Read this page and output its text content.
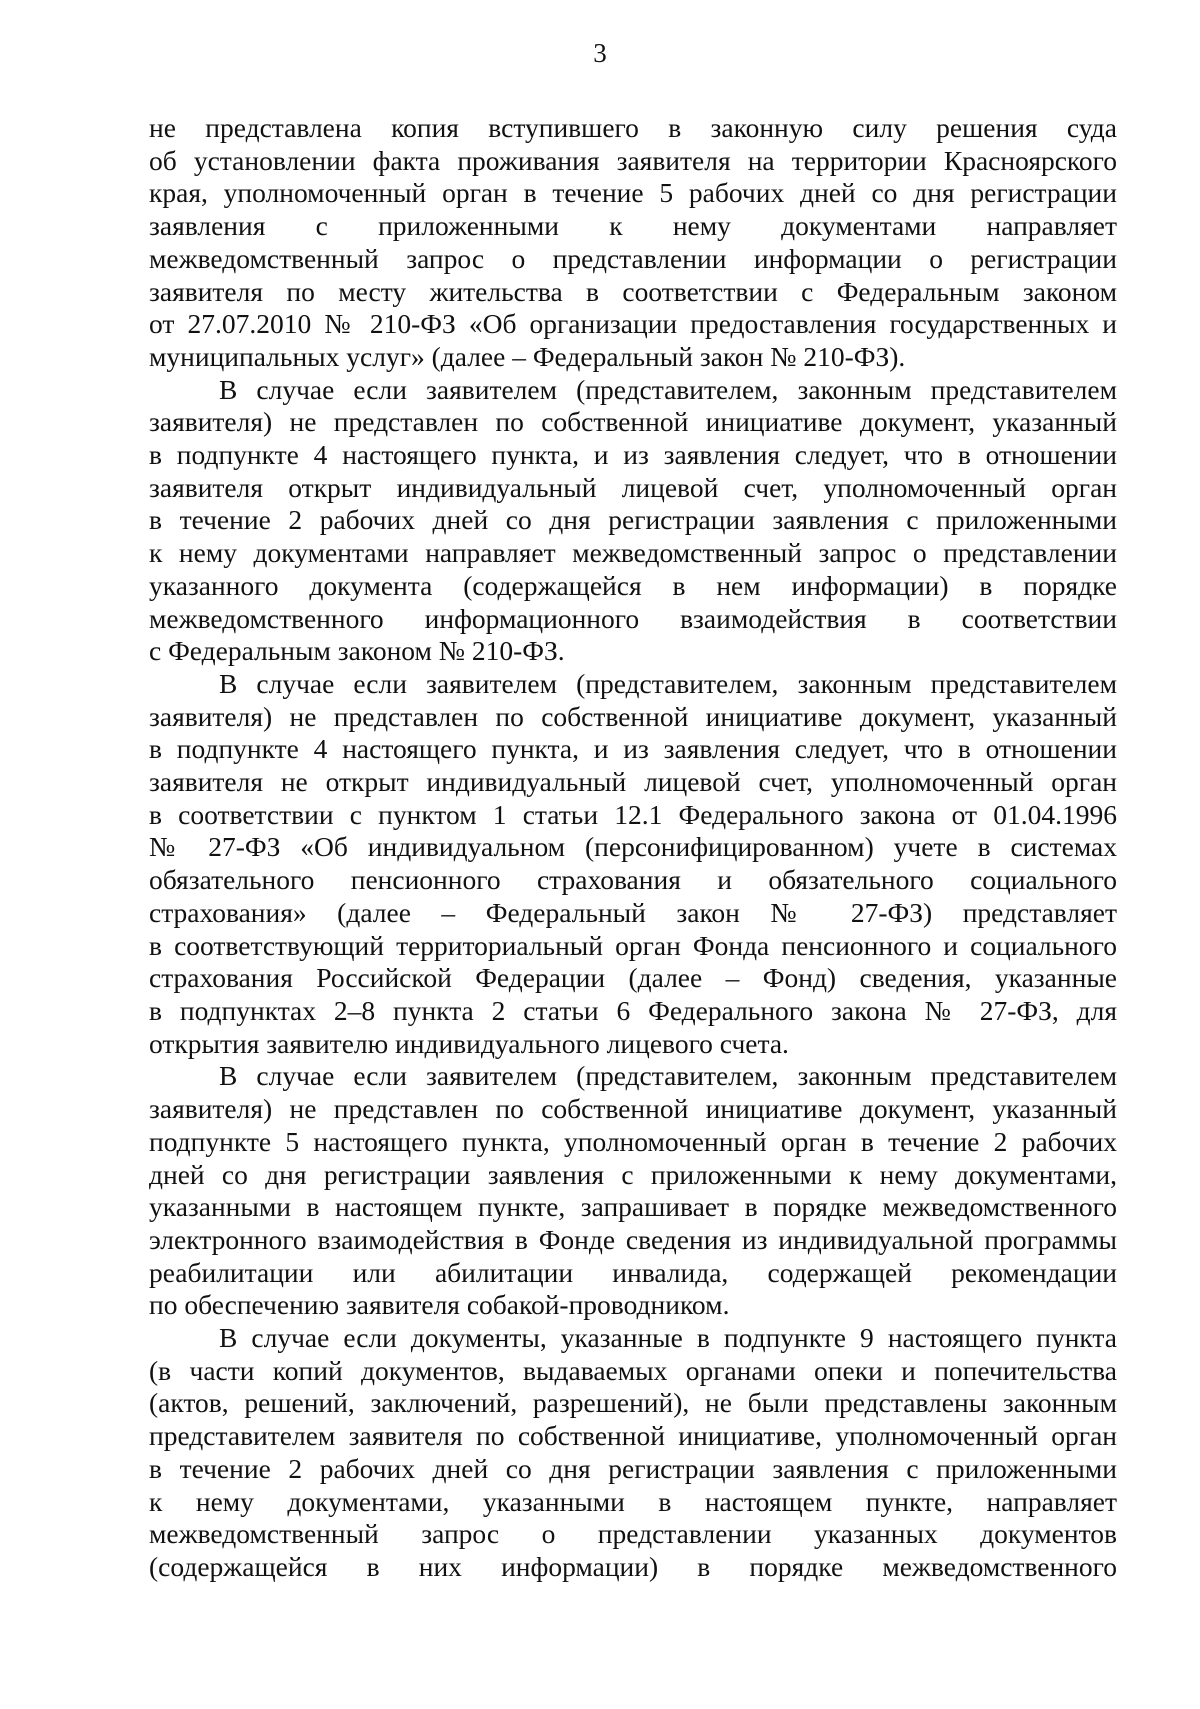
3
не представлена копия вступившего в законную силу решения суда
об установлении факта проживания заявителя на территории Красноярского
края, уполномоченный орган в течение 5 рабочих дней со дня регистрации
заявления с приложенными к нему документами направляет
межведомственный запрос о представлении информации о регистрации
заявителя по месту жительства в соответствии с Федеральным законом
от 27.07.2010 № 210-ФЗ «Об организации предоставления государственных и
муниципальных услуг» (далее – Федеральный закон № 210-ФЗ).
В случае если заявителем (представителем, законным представителем
заявителя) не представлен по собственной инициативе документ, указанный
в подпункте 4 настоящего пункта, и из заявления следует, что в отношении
заявителя открыт индивидуальный лицевой счет, уполномоченный орган
в течение 2 рабочих дней со дня регистрации заявления с приложенными
к нему документами направляет межведомственный запрос о представлении
указанного документа (содержащейся в нем информации) в порядке
межведомственного информационного взаимодействия в соответствии
с Федеральным законом № 210-ФЗ.
В случае если заявителем (представителем, законным представителем
заявителя) не представлен по собственной инициативе документ, указанный
в подпункте 4 настоящего пункта, и из заявления следует, что в отношении
заявителя не открыт индивидуальный лицевой счет, уполномоченный орган
в соответствии с пунктом 1 статьи 12.1 Федерального закона от 01.04.1996
№ 27-ФЗ «Об индивидуальном (персонифицированном) учете в системах
обязательного пенсионного страхования и обязательного социального
страхования» (далее – Федеральный закон № 27-ФЗ) представляет
в соответствующий территориальный орган Фонда пенсионного и социального
страхования Российской Федерации (далее – Фонд) сведения, указанные
в подпунктах 2–8 пункта 2 статьи 6 Федерального закона № 27-ФЗ, для
открытия заявителю индивидуального лицевого счета.
В случае если заявителем (представителем, законным представителем
заявителя) не представлен по собственной инициативе документ, указанный
подпункте 5 настоящего пункта, уполномоченный орган в течение 2 рабочих
дней со дня регистрации заявления с приложенными к нему документами,
указанными в настоящем пункте, запрашивает в порядке межведомственного
электронного взаимодействия в Фонде сведения из индивидуальной программы
реабилитации или абилитации инвалида, содержащей рекомендации
по обеспечению заявителя собакой-проводником.
В случае если документы, указанные в подпункте 9 настоящего пункта
(в части копий документов, выдаваемых органами опеки и попечительства
(актов, решений, заключений, разрешений), не были представлены законным
представителем заявителя по собственной инициативе, уполномоченный орган
в течение 2 рабочих дней со дня регистрации заявления с приложенными
к нему документами, указанными в настоящем пункте, направляет
межведомственный запрос о представлении указанных документов
(содержащейся в них информации) в порядке межведомственного
